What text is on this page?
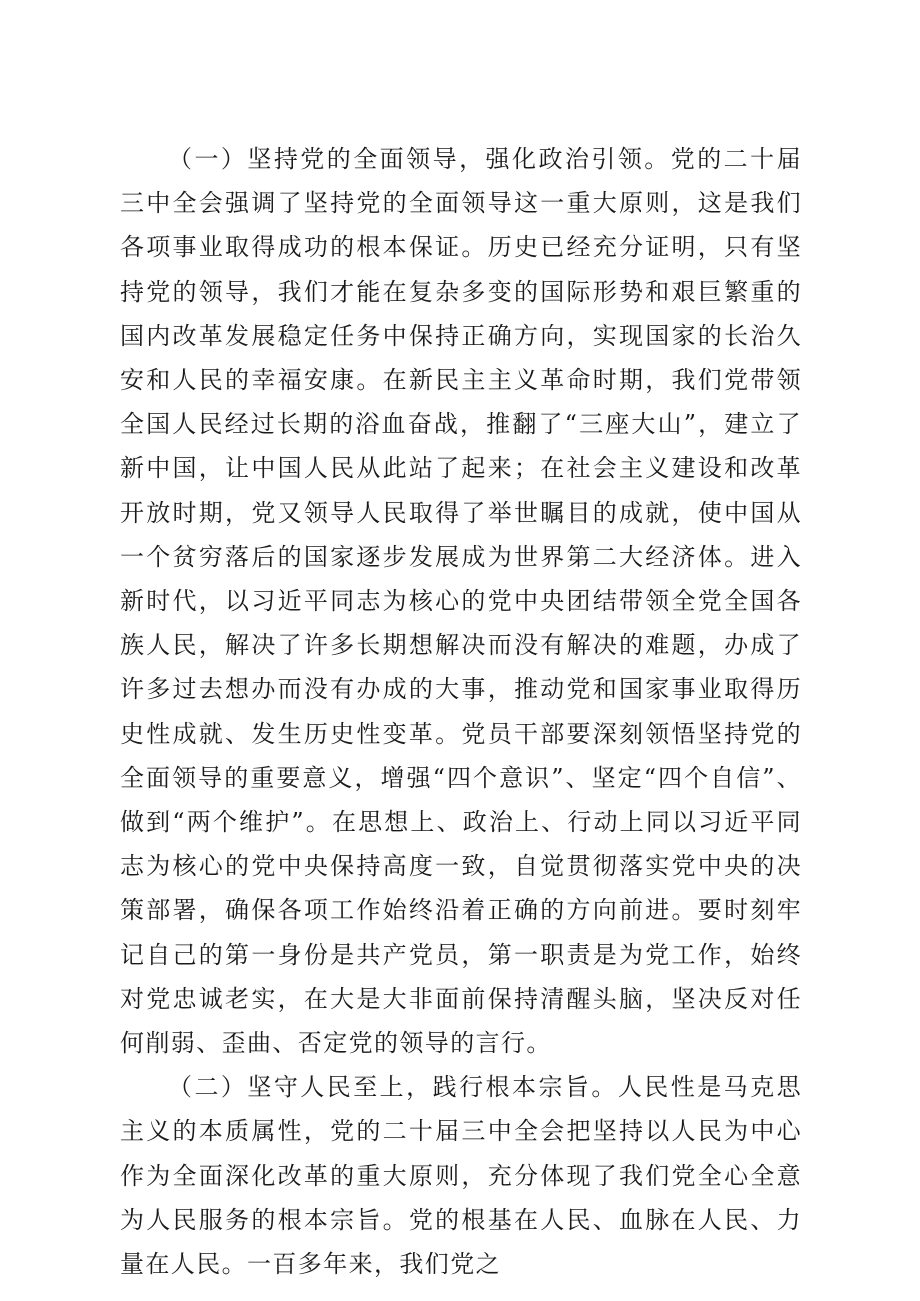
（一）坚持党的全面领导，强化政治引领。党的二十届三中全会强调了坚持党的全面领导这一重大原则，这是我们各项事业取得成功的根本保证。历史已经充分证明，只有坚持党的领导，我们才能在复杂多变的国际形势和艰巨繁重的国内改革发展稳定任务中保持正确方向，实现国家的长治久安和人民的幸福安康。在新民主主义革命时期，我们党带领全国人民经过长期的浴血奋战，推翻了“三座大山”，建立了新中国，让中国人民从此站了起来；在社会主义建设和改革开放时期，党又领导人民取得了举世瞩目的成就，使中国从一个贫穷落后的国家逐步发展成为世界第二大经济体。进入新时代，以习近平同志为核心的党中央团结带领全党全国各族人民，解决了许多长期想解决而没有解决的难题，办成了许多过去想办而没有办成的大事，推动党和国家事业取得历史性成就、发生历史性变革。党员干部要深刻领悟坚持党的全面领导的重要意义，增强“四个意识”、坚定“四个自信”、做到“两个维护”。在思想上、政治上、行动上同以习近平同志为核心的党中央保持高度一致，自觉贯彻落实党中央的决策部署，确保各项工作始终沿着正确的方向前进。要时刻牢记自己的第一身份是共产党员，第一职责是为党工作，始终对党忠诚老实，在大是大非面前保持清醒头脑，坚决反对任何削弱、歪曲、否定党的领导的言行。

（二）坚守人民至上，践行根本宗旨。人民性是马克思主义的本质属性，党的二十届三中全会把坚持以人民为中心作为全面深化改革的重大原则，充分体现了我们党全心全意为人民服务的根本宗旨。党的根基在人民、血脉在人民、力量在人民。一百多年来，我们党之
